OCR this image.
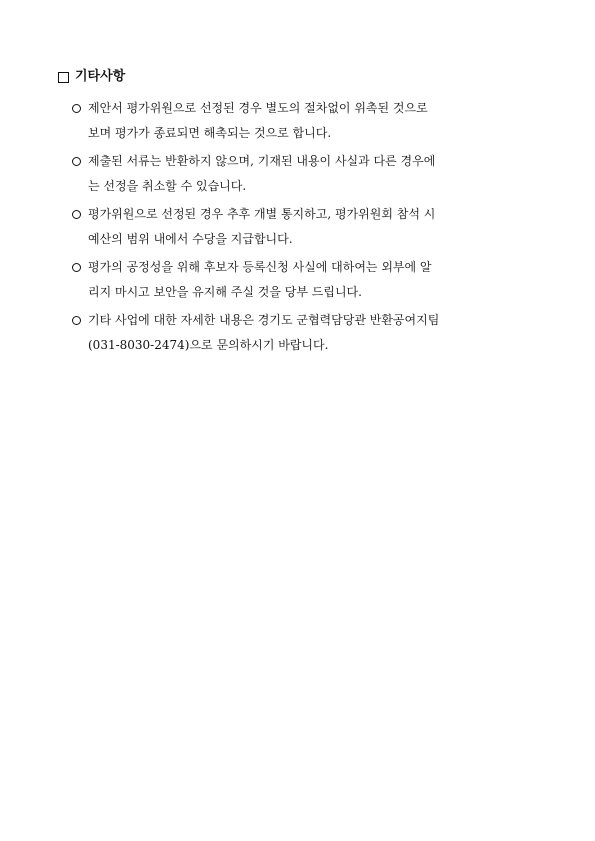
기타사항
제안서 평가위원으로 선정된 경우 별도의 절차없이 위촉된 것으로
보며 평가가 종료되면 해촉되는 것으로 합니다.
제출된 서류는 반환하지 않으며, 기재된 내용이 사실과 다른 경우에
는 선정을 취소할 수 있습니다.
평가위원으로 선정된 경우 추후 개별 통지하고, 평가위원회 참석 시
예산의 범위 내에서 수당을 지급합니다.
평가의 공정성을 위해 후보자 등록신청 사실에 대하여는 외부에 알
리지 마시고 보안을 유지해 주실 것을 당부 드립니다.
기타 사업에 대한 자세한 내용은 경기도 군협력담당관 반환공여지팀
(031-8030-2474)으로 문의하시기 바랍니다.
